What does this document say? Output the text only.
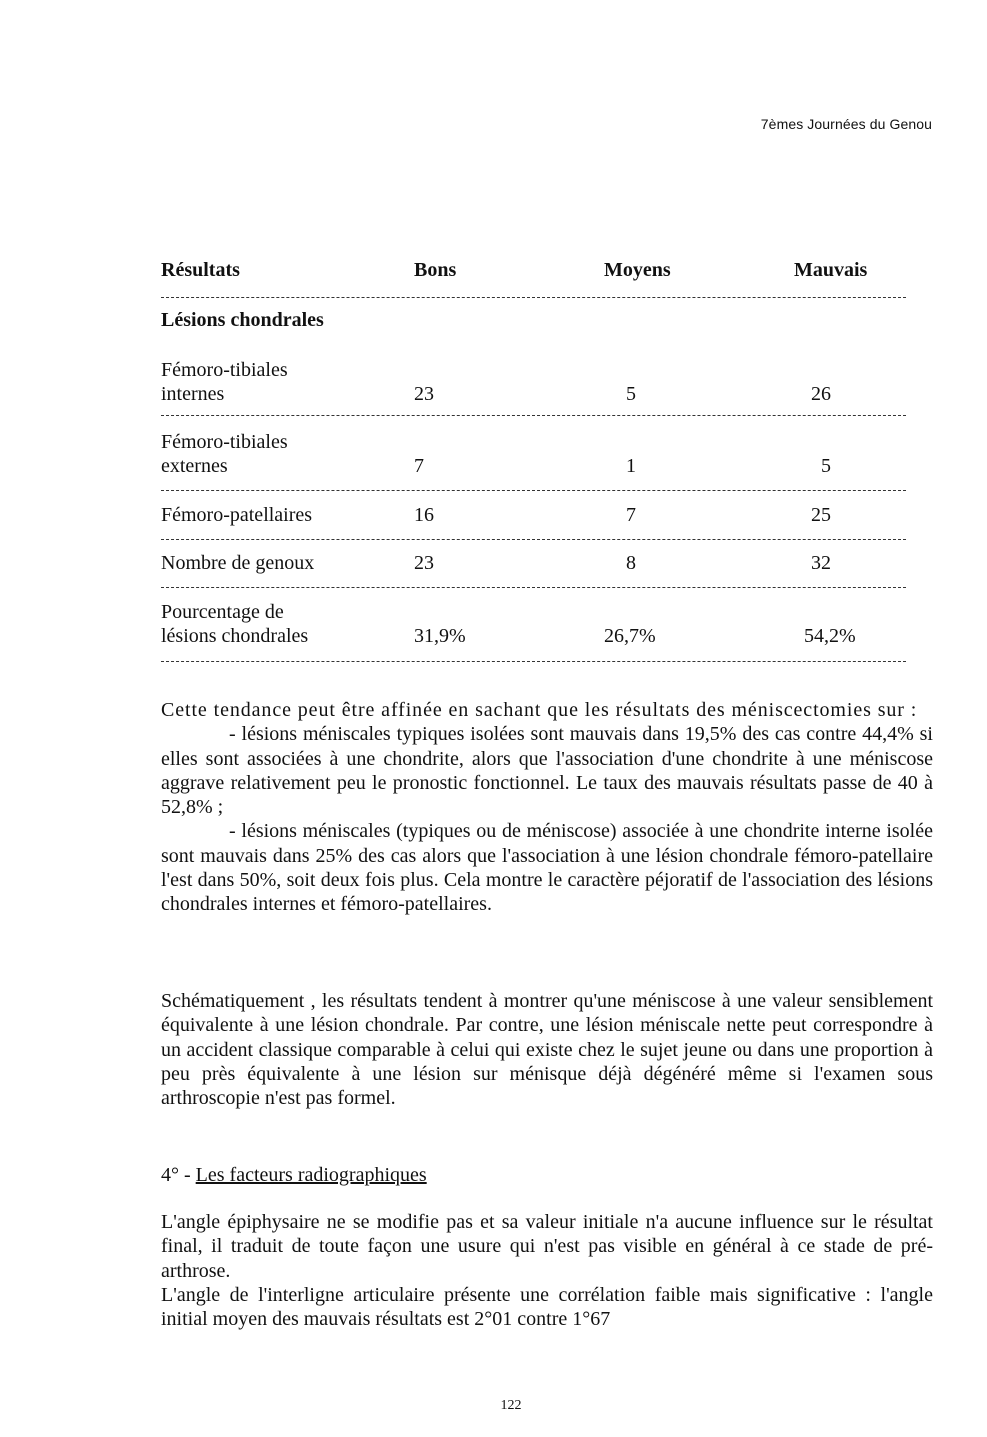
7èmes Journées du Genou
Résultats	Bons	Moyens	Mauvais
Lésions chondrales
Fémoro-tibiales
internes	23	5	26
Fémoro-tibiales
externes	7	1	5
Fémoro-patellaires	16	7	25
Nombre de genoux	23	8	32
Pourcentage de
lésions chondrales	31,9%	26,7%	54,2%
Cette tendance peut être affinée en sachant que les résultats des méniscectomies sur :
- lésions méniscales typiques isolées sont mauvais dans 19,5% des cas contre 44,4% si elles sont associées à une chondrite, alors que l'association d'une chondrite à une méniscose aggrave relativement peu le pronostic fonctionnel. Le taux des mauvais résultats passe de 40 à 52,8% ;
- lésions méniscales (typiques ou de méniscose) associée à une chondrite interne isolée sont mauvais dans 25% des cas alors que l'association à une lésion chondrale fémoro-patellaire l'est dans 50%, soit deux fois plus. Cela montre le caractère péjoratif de l'association des lésions chondrales internes et fémoro-patellaires.
Schématiquement , les résultats tendent à montrer qu'une méniscose à une valeur sensiblement équivalente à une lésion chondrale. Par contre, une lésion méniscale nette peut correspondre à un accident classique comparable à celui qui existe chez le sujet jeune ou dans une proportion à peu près équivalente à une lésion sur ménisque déjà dégénéré même si l'examen sous arthroscopie n'est pas formel.
4° - Les facteurs radiographiques
L'angle épiphysaire ne se modifie pas et sa valeur initiale n'a aucune influence sur le résultat final, il traduit de toute façon une usure qui n'est pas visible en général à ce stade de pré-arthrose.
L'angle de l'interligne articulaire présente une corrélation faible mais significative : l'angle   initial moyen des mauvais résultats est 2°01 contre 1°67
122
